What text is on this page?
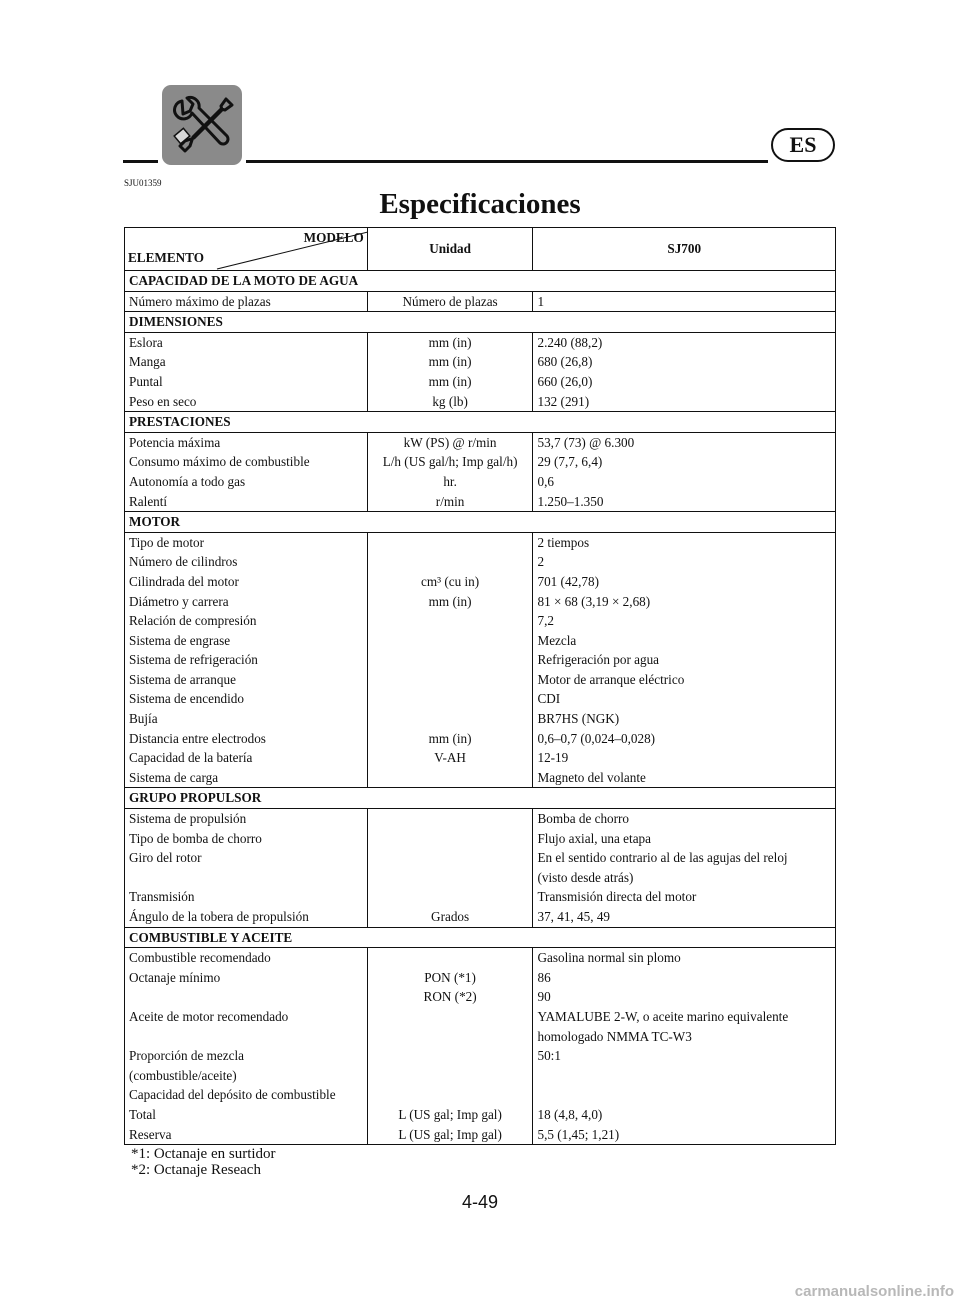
ES
SJU01359
Especificaciones
MODELO
ELEMENTO	Unidad	SJ700
CAPACIDAD DE LA MOTO DE AGUA		
Número máximo de plazas	Número de plazas	1
DIMENSIONES		
Eslora	mm (in)	2.240 (88,2)
Manga	mm (in)	680 (26,8)
Puntal	mm (in)	660 (26,0)
Peso en seco	kg (lb)	132 (291)
PRESTACIONES		
Potencia máxima	kW (PS) @ r/min	53,7 (73) @ 6.300
Consumo máximo de combustible	L/h (US gal/h; Imp gal/h)	29 (7,7, 6,4)
Autonomía a todo gas	hr.	0,6
Ralentí	r/min	1.250–1.350
MOTOR		
Tipo de motor		2 tiempos
Número de cilindros		2
Cilindrada del motor	cm³ (cu in)	701 (42,78)
Diámetro y carrera	mm (in)	81 × 68 (3,19 × 2,68)
Relación de compresión		7,2
Sistema de engrase		Mezcla
Sistema de refrigeración		Refrigeración por agua
Sistema de arranque		Motor de arranque eléctrico
Sistema de encendido		CDI
Bujía		BR7HS (NGK)
Distancia entre electrodos	mm (in)	0,6–0,7 (0,024–0,028)
Capacidad de la batería	V-AH	12-19
Sistema de carga		Magneto del volante
GRUPO PROPULSOR		
Sistema de propulsión		Bomba de chorro
Tipo de bomba de chorro		Flujo axial, una etapa
Giro del rotor		En el sentido contrario al de las agujas del reloj
		(visto desde atrás)
Transmisión		Transmisión directa del motor
Ángulo de la tobera de propulsión	Grados	37, 41, 45, 49
COMBUSTIBLE Y ACEITE		
Combustible recomendado		Gasolina normal sin plomo
Octanaje mínimo	PON (*1)	86
	RON (*2)	90
Aceite de motor recomendado		YAMALUBE 2-W, o aceite marino equivalente
		homologado NMMA TC-W3
Proporción de mezcla		50:1
(combustible/aceite)		
Capacidad del depósito de combustible		
Total	L (US gal; Imp gal)	18 (4,8, 4,0)
Reserva	L (US gal; Imp gal)	5,5 (1,45; 1,21)
*1: Octanaje en surtidor
*2: Octanaje Reseach
4-49
carmanualsonline.info
